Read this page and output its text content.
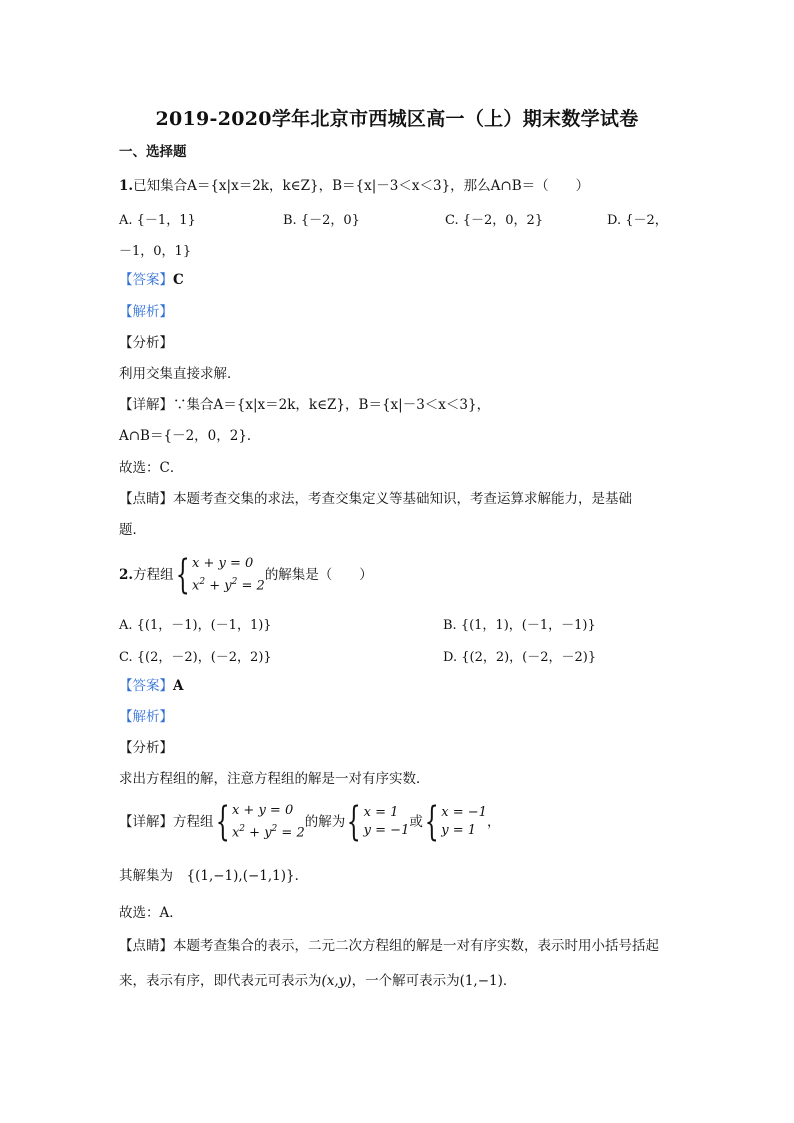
2019-2020学年北京市西城区高一（上）期末数学试卷
一、选择题
1.已知集合A＝{x|x＝2k，k∈Z}，B＝{x|－3＜x＜3}，那么A∩B＝（　　）
A. {－1，1}	B. {－2，0}	C. {－2，0，2}	D. {－2，
－1，0，1}
【答案】C
【解析】
【分析】
利用交集直接求解．
【详解】∵集合A＝{x|x＝2k，k∈Z}，B＝{x|－3＜x＜3}，
A∩B＝{－2，0，2}．
故选：C．
【点睛】本题考查交集的求法，考查交集定义等基础知识，考查运算求解能力，是基础
题．
2. 方程组 { x + y = 0
$x^2 + y^2 = 2$
的解集是（　　）
A. {(1，－1)，(－1，1)}	B. {(1，1)，(－1，－1)}
C. {(2，－2)，(－2，2)}	D. {(2，2)，(－2，－2)}
【答案】A
【解析】
【分析】
求出方程组的解，注意方程组的解是一对有序实数．
【详解】 方程组 { x + y = 0
$x^2 + y^2 = 2$
的解为 { x = 1
y = −1
或 { x = −1
y = 1
，
其解集为  {(1,−1),(−1,1)}．
故选：A．
【点睛】本题考查集合的表示，二元二次方程组的解是一对有序实数，表示时用小括号括起
来，表示有序，即代表元可表示为(x,y)，一个解可表示为(1,−1)．
